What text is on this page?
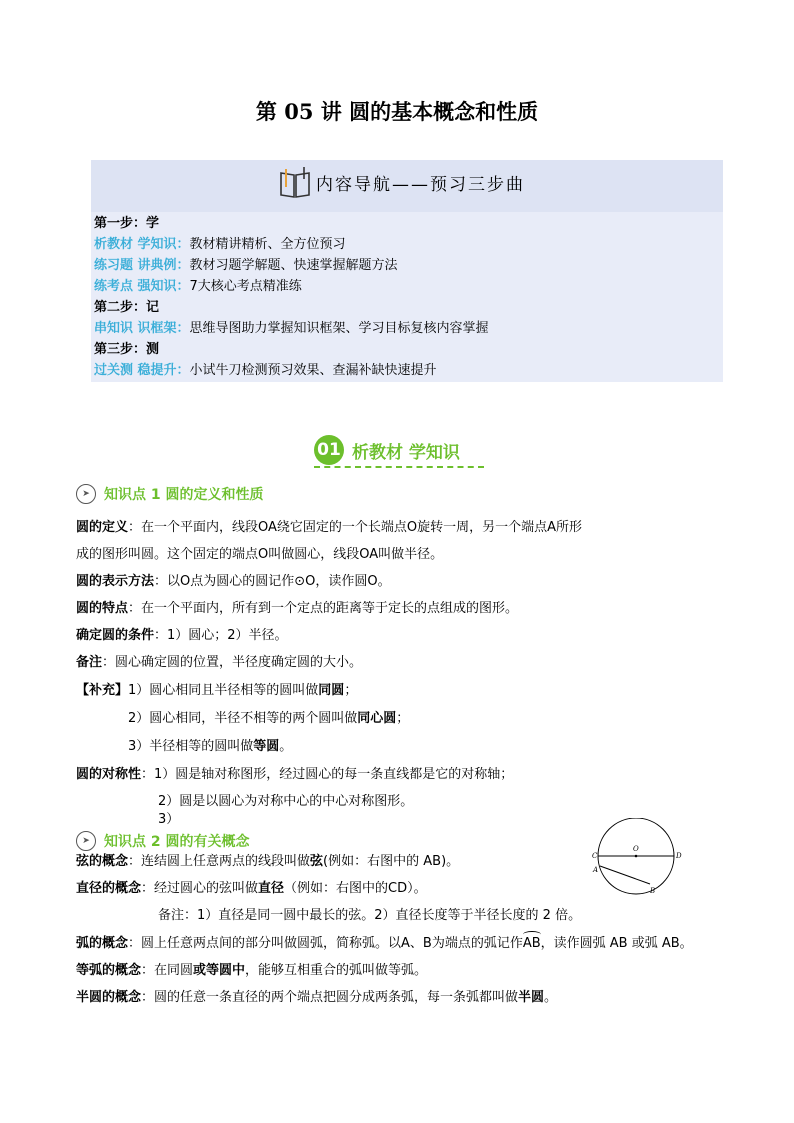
第 05 讲 圆的基本概念和性质
内容导航——预习三步曲
第一步：学
析教材 学知识：教材精讲精析、全方位预习
练习题 讲典例：教材习题学解题、快速掌握解题方法
练考点 强知识：7大核心考点精准练
第二步：记
串知识 识框架：思维导图助力掌握知识框架、学习目标复核内容掌握
第三步：测
过关测 稳提升：小试牛刀检测预习效果、查漏补缺快速提升
01 析教材 学知识
➤	知识点 1 圆的定义和性质
圆的定义：在一个平面内，线段OA绕它固定的一个长端点O旋转一周，另一个端点A所形
成的图形叫圆。这个固定的端点O叫做圆心，线段OA叫做半径。
圆的表示方法：以O点为圆心的圆记作⊙O，读作圆O。
圆的特点：在一个平面内，所有到一个定点的距离等于定长的点组成的图形。
确定圆的条件：1）圆心；2）半径。
备注：圆心确定圆的位置，半径度确定圆的大小。
【补充】1）圆心相同且半径相等的圆叫做同圆；
2）圆心相同，半径不相等的两个圆叫做同心圆；
3）半径相等的圆叫做等圆。
圆的对称性：1）圆是轴对称图形，经过圆心的每一条直线都是它的对称轴；
2）圆是以圆心为对称中心的中心对称图形。
3）
➤	知识点 2 圆的有关概念
弦的概念：连结圆上任意两点的线段叫做弦(例如：右图中的 AB)。
直径的概念：经过圆心的弦叫做直径（例如：右图中的CD）。
备注：1）直径是同一圆中最长的弦。2）直径长度等于半径长度的 2 倍。
弧的概念：圆上任意两点间的部分叫做圆弧，简称弧。以A、B为端点的弧记作AB，读作圆弧 AB 或弧 AB。
等弧的概念：在同圆或等圆中，能够互相重合的弧叫做等弧。
半圆的概念：圆的任意一条直径的两个端点把圆分成两条弧，每一条弧都叫做半圆。
C
O
D
A
B
